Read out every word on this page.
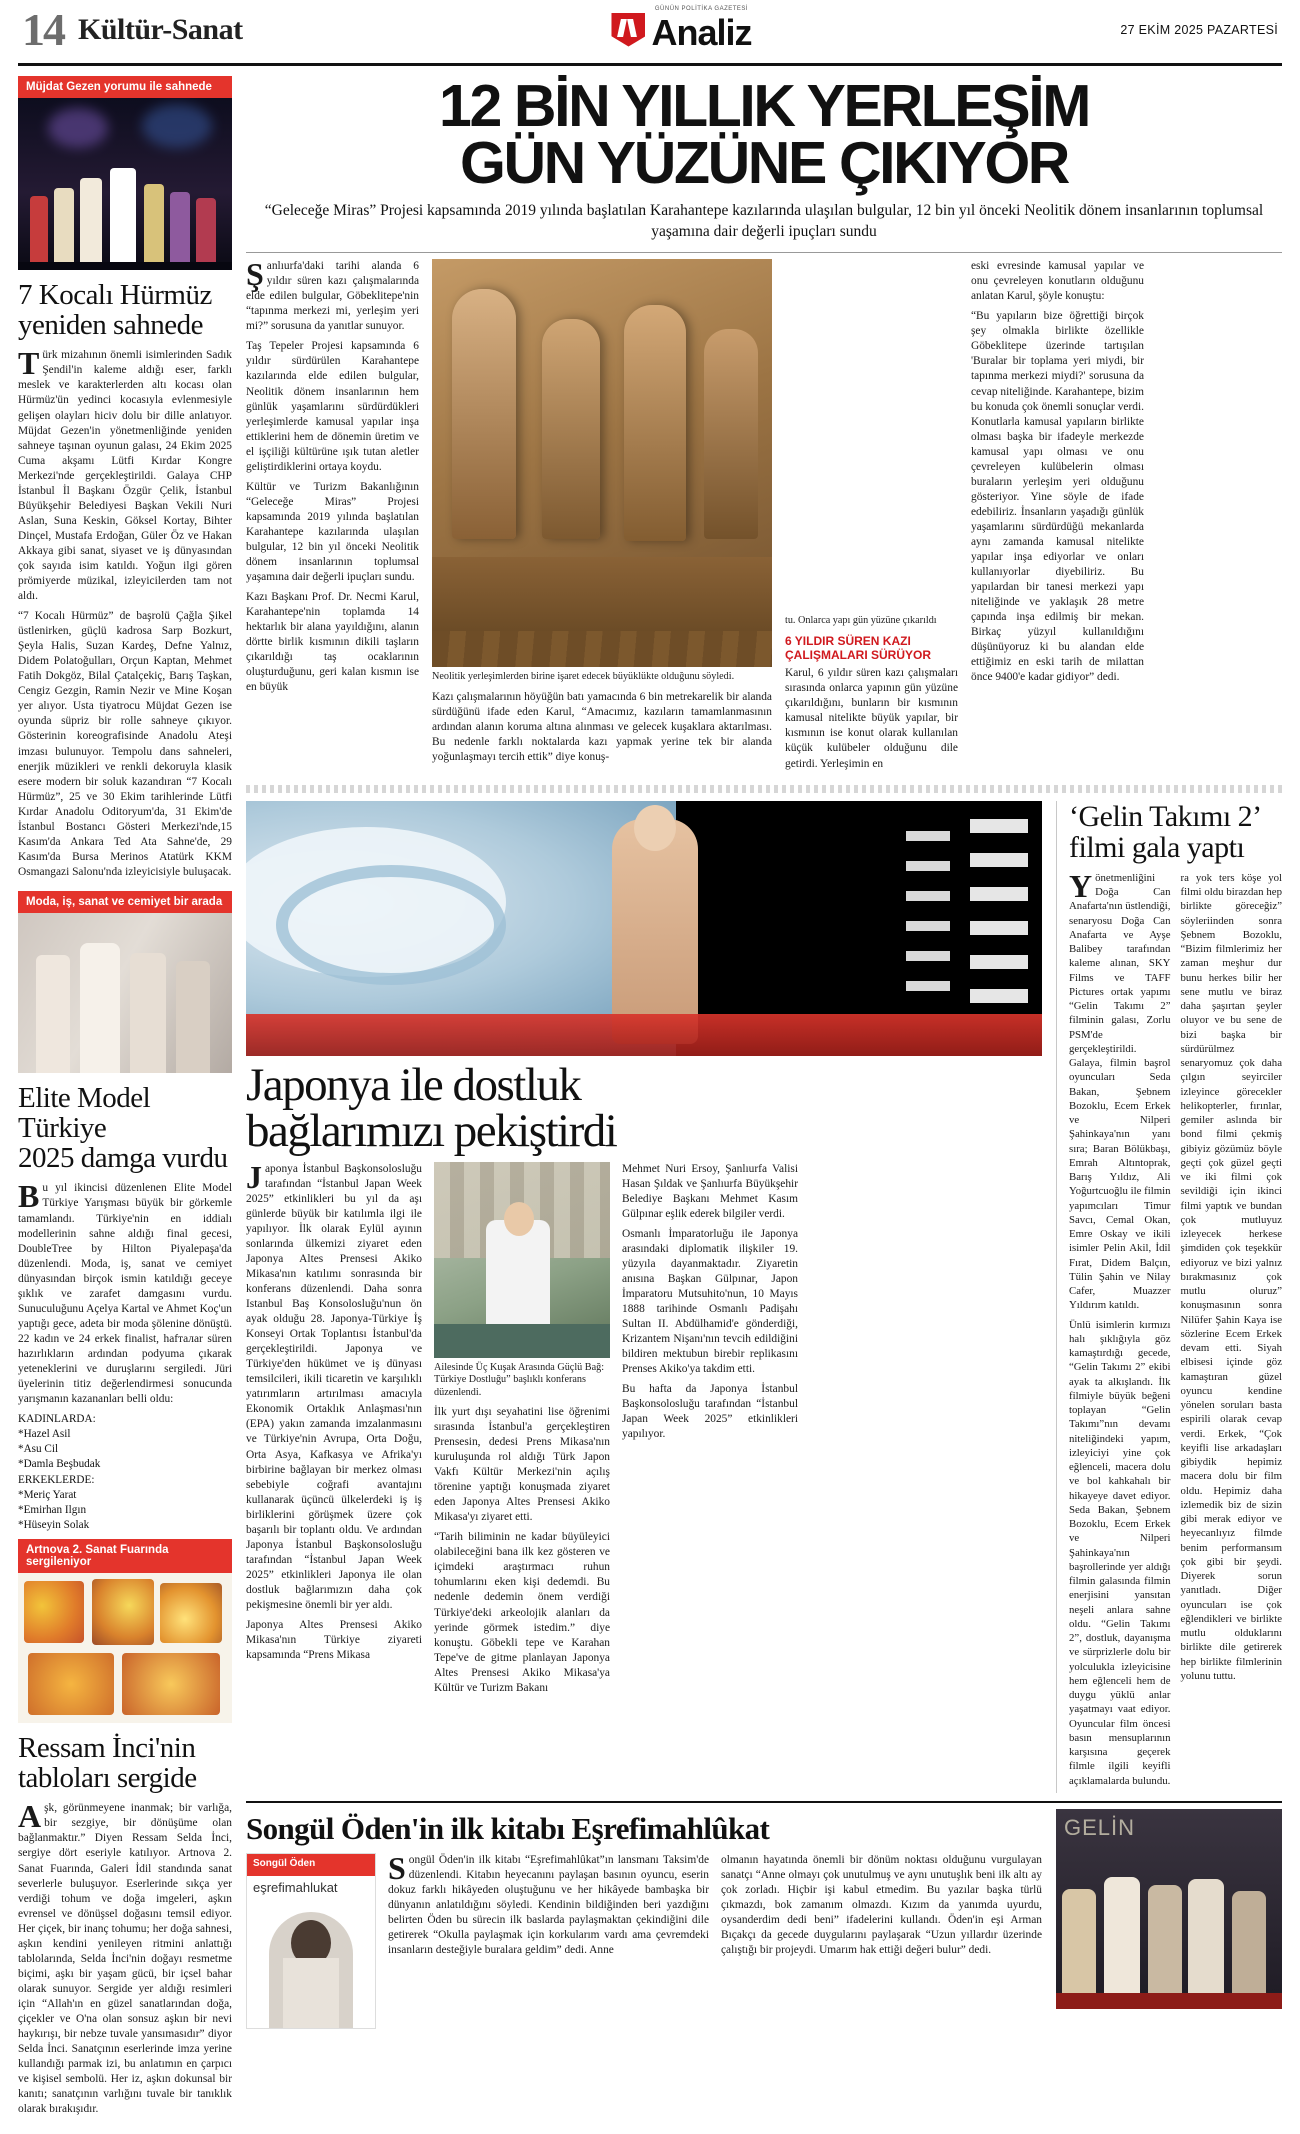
14 Kültür-Sanat
GÜNÜN POLİTİKA GAZETESİ
Analiz	27 EKİM 2025 PAZARTESİ
Müjdat Gezen yorumu ile sahnede
7 Kocalı Hürmüz
yeniden sahnede

Türk mizahının önemli isimlerinden Sadık Şendil'in kaleme aldığı eser, farklı meslek ve karakterlerden altı kocası olan Hürmüz'ün yedinci kocasıyla evlenmesiyle gelişen olayları hiciv dolu bir dille anlatıyor. Müjdat Gezen'in yönetmenliğinde yeniden sahneye taşınan oyunun galası, 24 Ekim 2025 Cuma akşamı Lütfi Kırdar Kongre Merkezi'nde gerçekleştirildi. Galaya CHP İstanbul İl Başkanı Özgür Çelik, İstanbul Büyükşehir Belediyesi Başkan Vekili Nuri Aslan, Suna Keskin, Göksel Kortay, Bihter Dinçel, Mustafa Erdoğan, Güler Öz ve Hakan Akkaya gibi sanat, siyaset ve iş dünyasından çok sayıda isim katıldı. Yoğun ilgi gören prömiyerde müzikal, izleyicilerden tam not aldı.

“7 Kocalı Hürmüz” de başrolü Çağla Şikel üstlenirken, güçlü kadrosa Sarp Bozkurt, Şeyla Halis, Suzan Kardeş, Defne Yalnız, Didem Polatoğulları, Orçun Kaptan, Mehmet Fatih Dokgöz, Bilal Çatalçekiç, Barış Taşkan, Cengiz Gezgin, Ramin Nezir ve Mine Koşan yer alıyor. Usta tiyatrocu Müjdat Gezen ise oyunda süpriz bir rolle sahneye çıkıyor. Gösterinin koreografisinde Anadolu Ateşi imzası bulunuyor. Tempolu dans sahneleri, enerjik müzikleri ve renkli dekoruyla klasik esere modern bir soluk kazandıran “7 Kocalı Hürmüz”, 25 ve 30 Ekim tarihlerinde Lütfi Kırdar Anadolu Oditoryum'da, 31 Ekim'de İstanbul Bostancı Gösteri Merkezi'nde,15 Kasım'da Ankara Ted Ata Sahne'de, 29 Kasım'da Bursa Merinos Atatürk KKM Osmangazi Salonu'nda izleyicisiyle buluşacak.

Moda, iş, sanat ve cemiyet bir arada
Elite Model Türkiye
2025 damga vurdu

Bu yıl ikincisi düzenlenen Elite Model Türkiye Yarışması büyük bir görkemle tamamlandı. Türkiye'nin en iddialı modellerinin sahne aldığı final gecesi, DoubleTree by Hilton Piyalepaşa'da düzenlendi. Moda, iş, sanat ve cemiyet dünyasından birçok ismin katıldığı geceye şıklık ve zarafet damgasını vurdu. Sunuculuğunu Açelya Kartal ve Ahmet Koç'un yaptığı gece, adeta bir moda şölenine dönüştü. 22 kadın ve 24 erkek finalist, hafталar süren hazırlıkların ardından podyuma çıkarak yeteneklerini ve duruşlarını sergiledi. Jüri üyelerinin titiz değerlendirmesi sonucunda yarışmanın kazananları belli oldu:

KADINLARDA:
*Hazel Asil
*Asu Cil
*Damla Beşbudak
ERKEKLERDE:
*Meriç Yarat
*Emirhan Ilgın
*Hüseyin Solak
Artnova 2. Sanat Fuarında sergileniyor
Ressam İnci'nin
tabloları sergide

Aşk, görünmeyene inanmak; bir varlığa, bir sezgiye, bir dönüşüme olan bağlanmaktır.” Diyen Ressam Selda İnci, sergiye dört eseriyle katılıyor. Artnova 2. Sanat Fuarında, Galeri İdil standında sanat severlerle buluşuyor. Eserlerinde sıkça yer verdiği tohum ve doğa imgeleri, aşkın evrensel ve dönüşsel doğasını temsil ediyor. Her çiçek, bir inanç tohumu; her doğa sahnesi, aşkın kendini yenileyen ritmini anlattığı tablolarında, Selda İnci'nin doğayı resmetme biçimi, aşkı bir yaşam gücü, bir içsel bahar olarak sunuyor. Sergide yer aldığı resimleri için “Allah'ın en güzel sanatlarından doğa, çiçekler ve O'na olan sonsuz aşkın bir nevi haykırışı, bir nebze tuvale yansımasıdır” diyor Selda İnci. Sanatçının eserlerinde imza yerine kullandığı parmak izi, bu anlatımın en çarpıcı ve kişisel sembolü. Her iz, aşkın dokunsal bir kanıtı; sanatçının varlığını tuvale bir tanıklık olarak bırakışıdır.

12 BİN YILLIK YERLEŞİM
GÜN YÜZÜNE ÇIKIYOR
“Geleceğe Miras” Projesi kapsamında 2019 yılında başlatılan Karahantepe kazılarında ulaşılan bulgular, 12 bin yıl önceki Neolitik dönem insanlarının toplumsal yaşamına dair değerli ipuçları sundu

Şanlıurfa'daki tarihi alanda 6 yıldır süren kazı çalışmalarında elde edilen bulgular, Göbeklitepe'nin “tapınma merkezi mi, yerleşim yeri mi?” sorusuna da yanıtlar sunuyor.

Taş Tepeler Projesi kapsamında 6 yıldır sürdürülen Karahantepe kazılarında elde edilen bulgular, Neolitik dönem insanlarının hem günlük yaşamlarını sürdürdükleri yerleşimlerde kamusal yapılar inşa ettiklerini hem de dönemin üretim ve el işçiliği kültürüne ışık tutan aletler geliştirdiklerini ortaya koydu.

Kültür ve Turizm Bakanlığının “Geleceğe Miras” Projesi kapsamında 2019 yılında başlatılan Karahantepe kazılarında ulaşılan bulgular, 12 bin yıl önceki Neolitik dönem insanlarının toplumsal yaşamına dair değerli ipuçları sundu.

Kazı Başkanı Prof. Dr. Necmi Karul, Karahantepe'nin toplamda 14 hektarlık bir alana yayıldığını, alanın dörtte birlik kısmının dikili taşların çıkarıldığı taş ocaklarının oluşturduğunu, geri kalan kısmın ise en büyük

Neolitik yerleşimlerden birine işaret edecek büyüklükte olduğunu söyledi.

Kazı çalışmalarının höyüğün batı yamacında 6 bin metrekarelik bir alanda sürdüğünü ifade eden Karul, “Amacımız, kazıların tamamlanmasının ardından alanın koruma altına alınması ve gelecek kuşaklara aktarılması. Bu nedenle farklı noktalarda kazı yapmak yerine tek bir alanda yoğunlaşmayı tercih ettik” diye konuş-

tu. Onlarca yapı gün yüzüne çıkarıldı
6 YILDIR SÜREN KAZI ÇALIŞMALARI SÜRÜYOR

Karul, 6 yıldır süren kazı çalışmaları sırasında onlarca yapının gün yüzüne çıkarıldığını, bunların bir kısmının kamusal nitelikte büyük yapılar, bir kısmının ise konut olarak kullanılan küçük kulübeler olduğunu dile getirdi. Yerleşimin en

eski evresinde kamusal yapılar ve onu çevreleyen konutların olduğunu anlatan Karul, şöyle konuştu:

“Bu yapıların bize öğrettiği birçok şey olmakla birlikte özellikle Göbeklitepe üzerinde tartışılan 'Buralar bir toplama yeri miydi, bir tapınma merkezi miydi?' sorusuna da cevap niteliğinde. Karahantepe, bizim bu konuda çok önemli sonuçlar verdi. Konutlarla kamusal yapıların birlikte olması başka bir ifadeyle merkezde kamusal yapı olması ve onu çevreleyen kulübelerin olması buraların yerleşim yeri olduğunu gösteriyor. Yine söyle de ifade edebiliriz. İnsanların yaşadığı günlük yaşamlarını sürdürdüğü mekanlarda aynı zamanda kamusal nitelikte yapılar inşa ediyorlar ve onları kullanıyorlar diyebiliriz. Bu yapılardan bir tanesi merkezi yapı niteliğinde ve yaklaşık 28 metre çapında inşa edilmiş bir mekan. Birkaç yüzyıl kullanıldığını düşünüyoruz ki bu alandan elde ettiğimiz en eski tarih de milattan önce 9400'e kadar gidiyor” dedi.

Japonya ile dostluk
bağlarımızı pekiştirdi

Japonya İstanbul Başkonsolosluğu tarafından “İstanbul Japan Week 2025” etkinlikleri bu yıl da aşı günlerde büyük bir katılımla ilgi ile yapılıyor. İlk olarak Eylül ayının sonlarında ülkemizi ziyaret eden Japonya Altes Prensesi Akiko Mikasa'nın katılımı sonrasında bir konferans düzenlendi. Daha sonra Istanbul Baş Konsolosluğu'nun ön ayak olduğu 28. Japonya-Türkiye İş Konseyi Ortak Toplantısı İstanbul'da gerçekleştirildi. Japonya ve Türkiye'den hükümet ve iş dünyası temsilcileri, ikili ticaretin ve karşılıklı yatırımların artırılması amacıyla Ekonomik Ortaklık Anlaşması'nın (EPA) yakın zamanda imzalanmasını ve Türkiye'nin Avrupa, Orta Doğu, Orta Asya, Kafkasya ve Afrika'yı birbirine bağlayan bir merkez olması sebebiyle coğrafi avantajını kullanarak üçüncü ülkelerdeki iş iş birliklerini görüşmek üzere çok başarılı bir toplantı oldu. Ve ardından Japonya İstanbul Başkonsolosluğu tarafından “İstanbul Japan Week 2025” etkinlikleri Japonya ile olan dostluk bağlarımızın daha çok pekişmesine önemli bir yer aldı.

Japonya Altes Prensesi Akiko Mikasa'nın Türkiye ziyareti kapsamında “Prens Mikasa

Ailesinde Üç Kuşak Arasında Güçlü Bağ: Türkiye Dostluğu” başlıklı konferans düzenlendi.

İlk yurt dışı seyahatini lise öğrenimi sırasında İstanbul'a gerçekleştiren Prensesin, dedesi Prens Mikasa'nın kuruluşunda rol aldığı Türk Japon Vakfı Kültür Merkezi'nin açılış törenine yaptığı konuşmada ziyaret eden Japonya Altes Prensesi Akiko Mikasa'yı ziyaret etti.

“Tarih biliminin ne kadar büyüleyici olabileceğini bana ilk kez gösteren ve içimdeki araştırmacı ruhun tohumlarını eken kişi dedemdi. Bu nedenle dedemin önem verdiği Türkiye'deki arkeolojik alanları da yerinde görmek istedim.” diye konuştu. Göbekli tepe ve Karahan Tepe've de gitme planlayan Japonya Altes Prensesi Akiko Mikasa'ya Kültür ve Turizm Bakanı

Mehmet Nuri Ersoy, Şanlıurfa Valisi Hasan Şıldak ve Şanlıurfa Büyükşehir Belediye Başkanı Mehmet Kasım Gülpınar eşlik ederek bilgiler verdi.

Osmanlı İmparatorluğu ile Japonya arasındaki diplomatik ilişkiler 19. yüzyıla dayanmaktadır. Ziyaretin anısına Başkan Gülpınar, Japon İmparatoru Mutsuhito'nun, 10 Mayıs 1888 tarihinde Osmanlı Padişahı Sultan II. Abdülhamid'e gönderdiği, Krizantem Nişanı'nın tevcih edildiğini bildiren mektubun birebir replikasını Prenses Akiko'ya takdim etti.

Bu hafta da Japonya İstanbul Başkonsolosluğu tarafından “İstanbul Japan Week 2025” etkinlikleri yapılıyor.

‘Gelin Takımı 2’
filmi gala yaptı

Yönetmenliğini Doğa Can Anafarta'nın üstlendiği, senaryosu Doğa Can Anafarta ve Ayşe Balibey tarafından kaleme alınan, SKY Films ve TAFF Pictures ortak yapımı “Gelin Takımı 2” filminin galası, Zorlu PSM'de gerçekleştirildi. Galaya, filmin başrol oyuncuları Seda Bakan, Şebnem Bozoklu, Ecem Erkek ve Nilperi Şahinkaya'nın yanı sıra; Baran Bölükbaşı, Emrah Altıntoprak, Barış Yıldız, Ali Yoğurtcuoğlu ile filmin yapımcıları Timur Savcı, Cemal Okan, Emre Oskay ve ikili isimler Pelin Akil, İdil Fırat, Didem Balçın, Tülin Şahin ve Nilay Cafer, Muazzer Yıldırım katıldı.

Ünlü isimlerin kırmızı halı şıklığıyla göz kamaştırdığı gecede, “Gelin Takımı 2” ekibi ayak ta alkışlandı. İlk filmiyle büyük beğeni toplayan “Gelin Takımı”nın devamı niteliğindeki yapım, izleyiciyi yine çok eğlenceli, macera dolu ve bol kahkahalı bir hikayeye davet ediyor. Seda Bakan, Şebnem Bozoklu, Ecem Erkek ve Nilperi Şahinkaya'nın başrollerinde yer aldığı filmin galasında filmin enerjisini yansıtan neşeli anlara sahne oldu. “Gelin Takımı 2”, dostluk, dayanışma ve sürprizlerle dolu bir yolculukla izleyicisine hem eğlenceli hem de duygu yüklü anlar yaşatmayı vaat ediyor. Oyuncular film öncesi basın mensuplarının karşısına geçerek filmle ilgili keyifli açıklamalarda bulundu.

ra yok ters köşe yol filmi oldu birazdan hep birlikte göreceğiz” söyleriinden sonra Şebnem Bozoklu, “Bizim filmlerimiz her zaman meşhur dur bunu herkes bilir her sene mutlu ve biraz daha şaşırtan şeyler oluyor ve bu sene de bizi başka bir sürdürülmez senaryomuz çok daha çılgın seyirciler izleyince görecekler helikopterler, fırınlar, gemiler aslında bir bond filmi çekmiş gibiyiz gözümüz böyle geçti çok güzel geçti ve iki filmi çok sevildiği için ikinci filmi yaptık ve bundan çok mutluyuz izleyecek herkese şimdiden çok teşekkür ediyoruz ve bizi yalnız bırakmasınız çok mutlu oluruz” konuşmasının sonra Nilüfer Şahin Kaya ise sözlerine Ecem Erkek devam etti. Siyah elbisesi içinde göz kamaştıran güzel oyuncu kendine yönelen soruları basta espirili olarak cevap verdi. Erkek, “Çok keyifli lise arkadaşları gibiydik hepimiz macera dolu bir film oldu. Hepimiz daha izlemedik biz de sizin gibi merak ediyor ve heyecanlıyız filmde benim performansım çok gibi bir şeydi. Diyerek sorun yanıtladı. Diğer oyuncuları ise çok eğlendikleri ve birlikte mutlu olduklarını birlikte dile getirerek hep birlikte filmlerinin yolunu tuttu.

Songül Öden'in ilk kitabı Eşrefimahlûkat
Songül Öden
eşrefimahlukat

Songül Öden'in ilk kitabı “Eşrefimahlûkat”ın lansmanı Taksim'de düzenlendi. Kitabın heyecanını paylaşan basının oyuncu, eserin dokuz farklı hikâyeden oluştuğunu ve her hikâyede bambaşka bir dünyanın anlatıldığını söyledi. Kendinin bildiğinden beri yazdığını belirten Öden bu sürecin ilk baslarda paylaşmaktan çekindiğini dile getirerek “Okulla paylaşmak için korkularım vardı ama çevremdeki insanların desteğiyle buralara geldim” dedi. Anne

olmanın hayatında önemli bir dönüm noktası olduğunu vurgulayan sanatçı “Anne olmayı çok unutulmuş ve aynı unutuşlık beni ilk altı ay çok zorladı. Hiçbir işi kabul etmedim. Bu yazılar başka türlü çıkmazdı, bok zamanım olmazdı. Kızım da yanımda uyurdu, oysanderdim dedi beni” ifadelerini kullandı. Öden'in eşi Arman Bıçakçı da gecede duygularını paylaşarak “Uzun yıllardır üzerinde çalıştığı bir projeydi. Umarım hak ettiği değeri bulur” dedi.

GELİN
